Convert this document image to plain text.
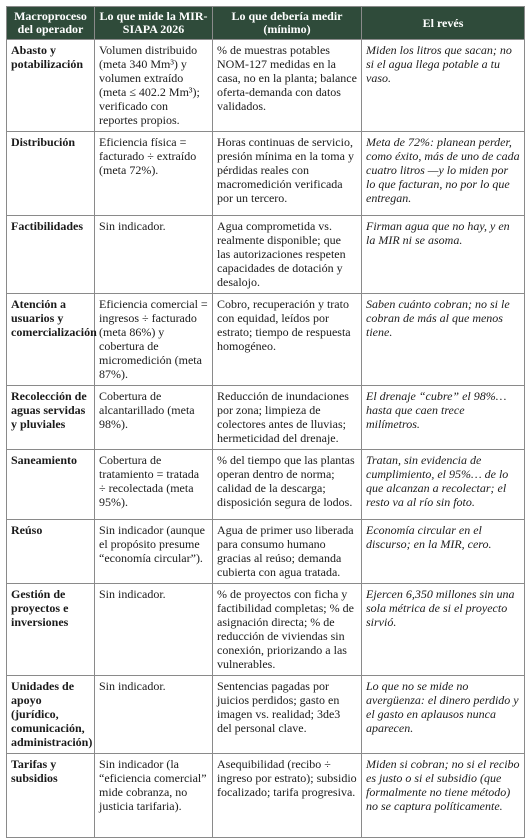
Macroproceso del operador	Lo que mide la MIR-SIAPA 2026	Lo que debería medir (mínimo)	El revés
Abasto y potabilización	Volumen distribuido (meta 340 Mm³) y volumen extraído (meta ≤ 402.2 Mm³); verificado con reportes propios.	% de muestras potables NOM-127 medidas en la casa, no en la planta; balance oferta-demanda con datos validados.	Miden los litros que sacan; no si el agua llega potable a tu vaso.
Distribución	Eficiencia física = facturado ÷ extraído (meta 72%).	Horas continuas de servicio, presión mínima en la toma y pérdidas reales con macromedición verificada por un tercero.	Meta de 72%: planean perder, como éxito, más de uno de cada cuatro litros —y lo miden por lo que facturan, no por lo que entregan.
Factibilidades	Sin indicador.	Agua comprometida vs. realmente disponible; que las autorizaciones respeten capacidades de dotación y desalojo.	Firman agua que no hay, y en la MIR ni se asoma.
Atención a usuarios y comercialización	Eficiencia comercial = ingresos ÷ facturado (meta 86%) y cobertura de micromedición (meta 87%).	Cobro, recuperación y trato con equidad, leídos por estrato; tiempo de respuesta homogéneo.	Saben cuánto cobran; no si le cobran de más al que menos tiene.
Recolección de aguas servidas y pluviales	Cobertura de alcantarillado (meta 98%).	Reducción de inundaciones por zona; limpieza de colectores antes de lluvias; hermeticidad del drenaje.	El drenaje “cubre” el 98%… hasta que caen trece milímetros.
Saneamiento	Cobertura de tratamiento = tratada ÷ recolectada (meta 95%).	% del tiempo que las plantas operan dentro de norma; calidad de la descarga; disposición segura de lodos.	Tratan, sin evidencia de cumplimiento, el 95%… de lo que alcanzan a recolectar; el resto va al río sin foto.
Reúso	Sin indicador (aunque el propósito presume “economía circular”).	Agua de primer uso liberada para consumo humano gracias al reúso; demanda cubierta con agua tratada.	Economía circular en el discurso; en la MIR, cero.
Gestión de proyectos e inversiones	Sin indicador.	% de proyectos con ficha y factibilidad completas; % de asignación directa; % de reducción de viviendas sin conexión, priorizando a las vulnerables.	Ejercen 6,350 millones sin una sola métrica de si el proyecto sirvió.
Unidades de apoyo (jurídico, comunicación, administración)	Sin indicador.	Sentencias pagadas por juicios perdidos; gasto en imagen vs. realidad; 3de3 del personal clave.	Lo que no se mide no avergüenza: el dinero perdido y el gasto en aplausos nunca aparecen.
Tarifas y subsidios	Sin indicador (la “eficiencia comercial” mide cobranza, no justicia tarifaria).	Asequibilidad (recibo ÷ ingreso por estrato); subsidio focalizado; tarifa progresiva.	Miden si cobran; no si el recibo es justo o si el subsidio (que formalmente no tiene método) no se captura políticamente.
